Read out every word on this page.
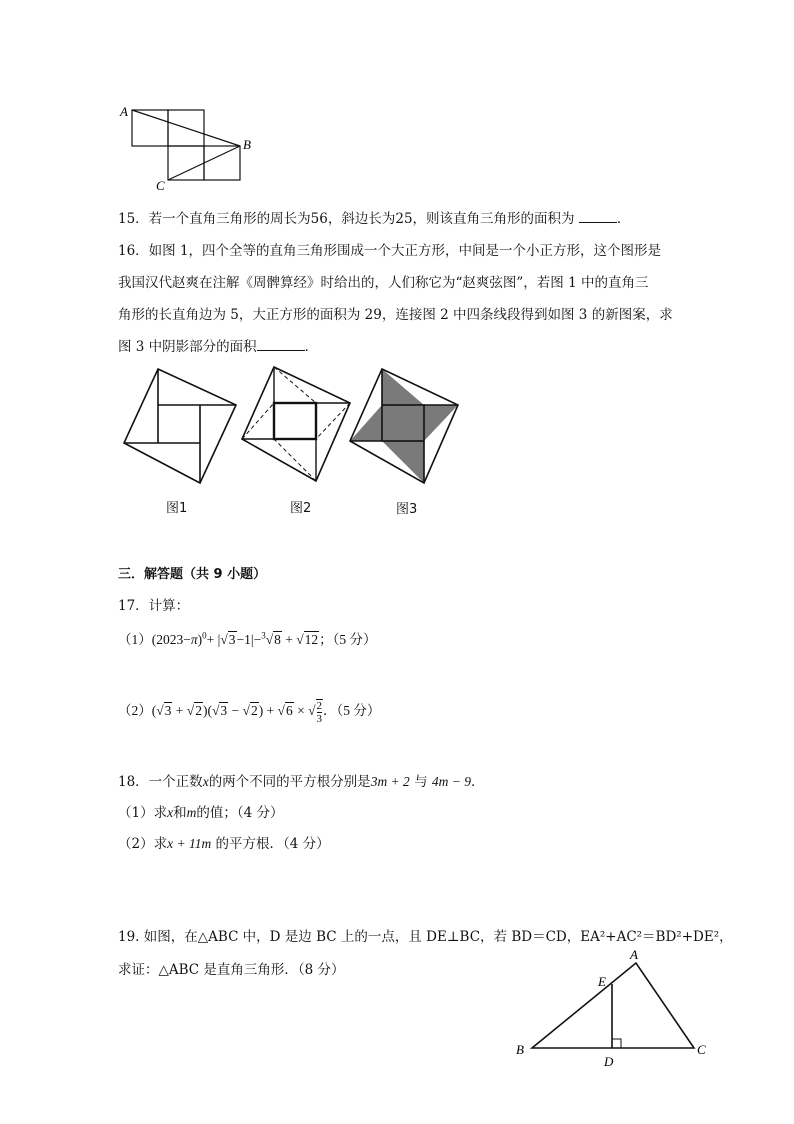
A
B
C
15．若一个直角三角形的周长为56，斜边长为25，则该直角三角形的面积为	．
16．如图 1，四个全等的直角三角形围成一个大正方形，中间是一个小正方形，这个图形是
我国汉代赵爽在注解《周髀算经》时给出的，人们称它为“赵爽弦图”，若图 1 中的直角三
角形的长直角边为 5，大正方形的面积为 29，连接图 2 中四条线段得到如图 3 的新图案，求
图 3 中阴影部分的面积	．
图1	图2	图3
三．解答题（共 9 小题）
17．计算：
$(1)(2023-\pi)^0+ |√3-1|-^3√8 + √12$；（5 分）
（2）(√3 + √2)(√3 − √2) + √6 × √ $\frac{2}{3}$ ．（5 分）
18．一个正数x的两个不同的平方根分别是3m + 2 与 4m − 9．
（1）求x和m的值；（4 分）
（2）求x + 11m 的平方根．（4 分）
19. 如图，在△ABC 中，D 是边 BC 上的一点，且 DE⊥BC，若 BD＝CD，EA²+AC²＝BD²+DE²，
求证：△ABC 是直角三角形．（8 分）
A
B	C
D
E
